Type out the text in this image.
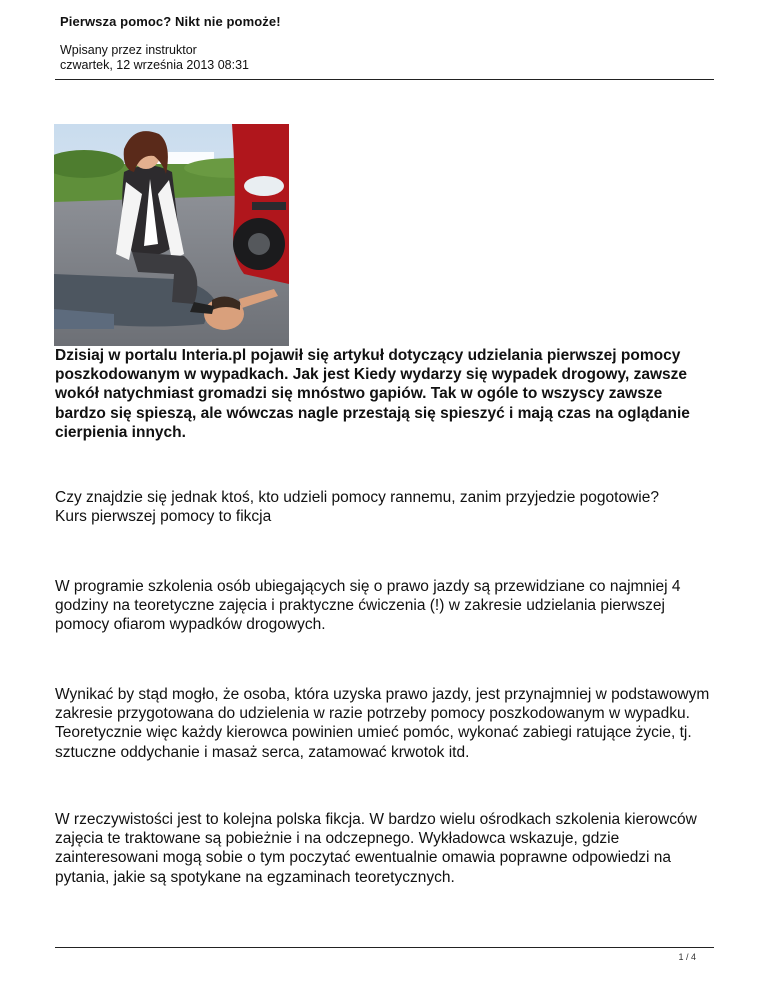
Pierwsza pomoc? Nikt nie pomoże!
Wpisany przez instruktor
czwartek, 12 września 2013 08:31
Dzisiaj w portalu Interia.pl pojawił się artykuł dotyczący udzielania pierwszej pomocy poszkodowanym w wypadkach. Jak jest Kiedy wydarzy się wypadek drogowy, zawsze wokół natychmiast gromadzi się mnóstwo gapiów. Tak w ogóle to wszyscy zawsze bardzo się spieszą, ale wówczas nagle przestają się spieszyć i mają czas na oglądanie cierpienia innych.
Czy znajdzie się jednak ktoś, kto udzieli pomocy rannemu, zanim przyjedzie pogotowie?
Kurs pierwszej pomocy to fikcja
W programie szkolenia osób ubiegających się o prawo jazdy są przewidziane co najmniej 4 godziny na teoretyczne zajęcia i praktyczne ćwiczenia (!) w zakresie udzielania pierwszej pomocy ofiarom wypadków drogowych.
Wynikać by stąd mogło, że osoba, która uzyska prawo jazdy, jest przynajmniej w podstawowym zakresie przygotowana do udzielenia w razie potrzeby pomocy poszkodowanym w wypadku. Teoretycznie więc każdy kierowca powinien umieć pomóc, wykonać zabiegi ratujące życie, tj. sztuczne oddychanie i masaż serca, zatamować krwotok itd.
W rzeczywistości jest to kolejna polska fikcja. W bardzo wielu ośrodkach szkolenia kierowców zajęcia te traktowane są pobieżnie i na odczepnego. Wykładowca wskazuje, gdzie zainteresowani mogą sobie o tym poczytać ewentualnie omawia poprawne odpowiedzi na pytania, jakie są spotykane na egzaminach teoretycznych.
1 / 4
